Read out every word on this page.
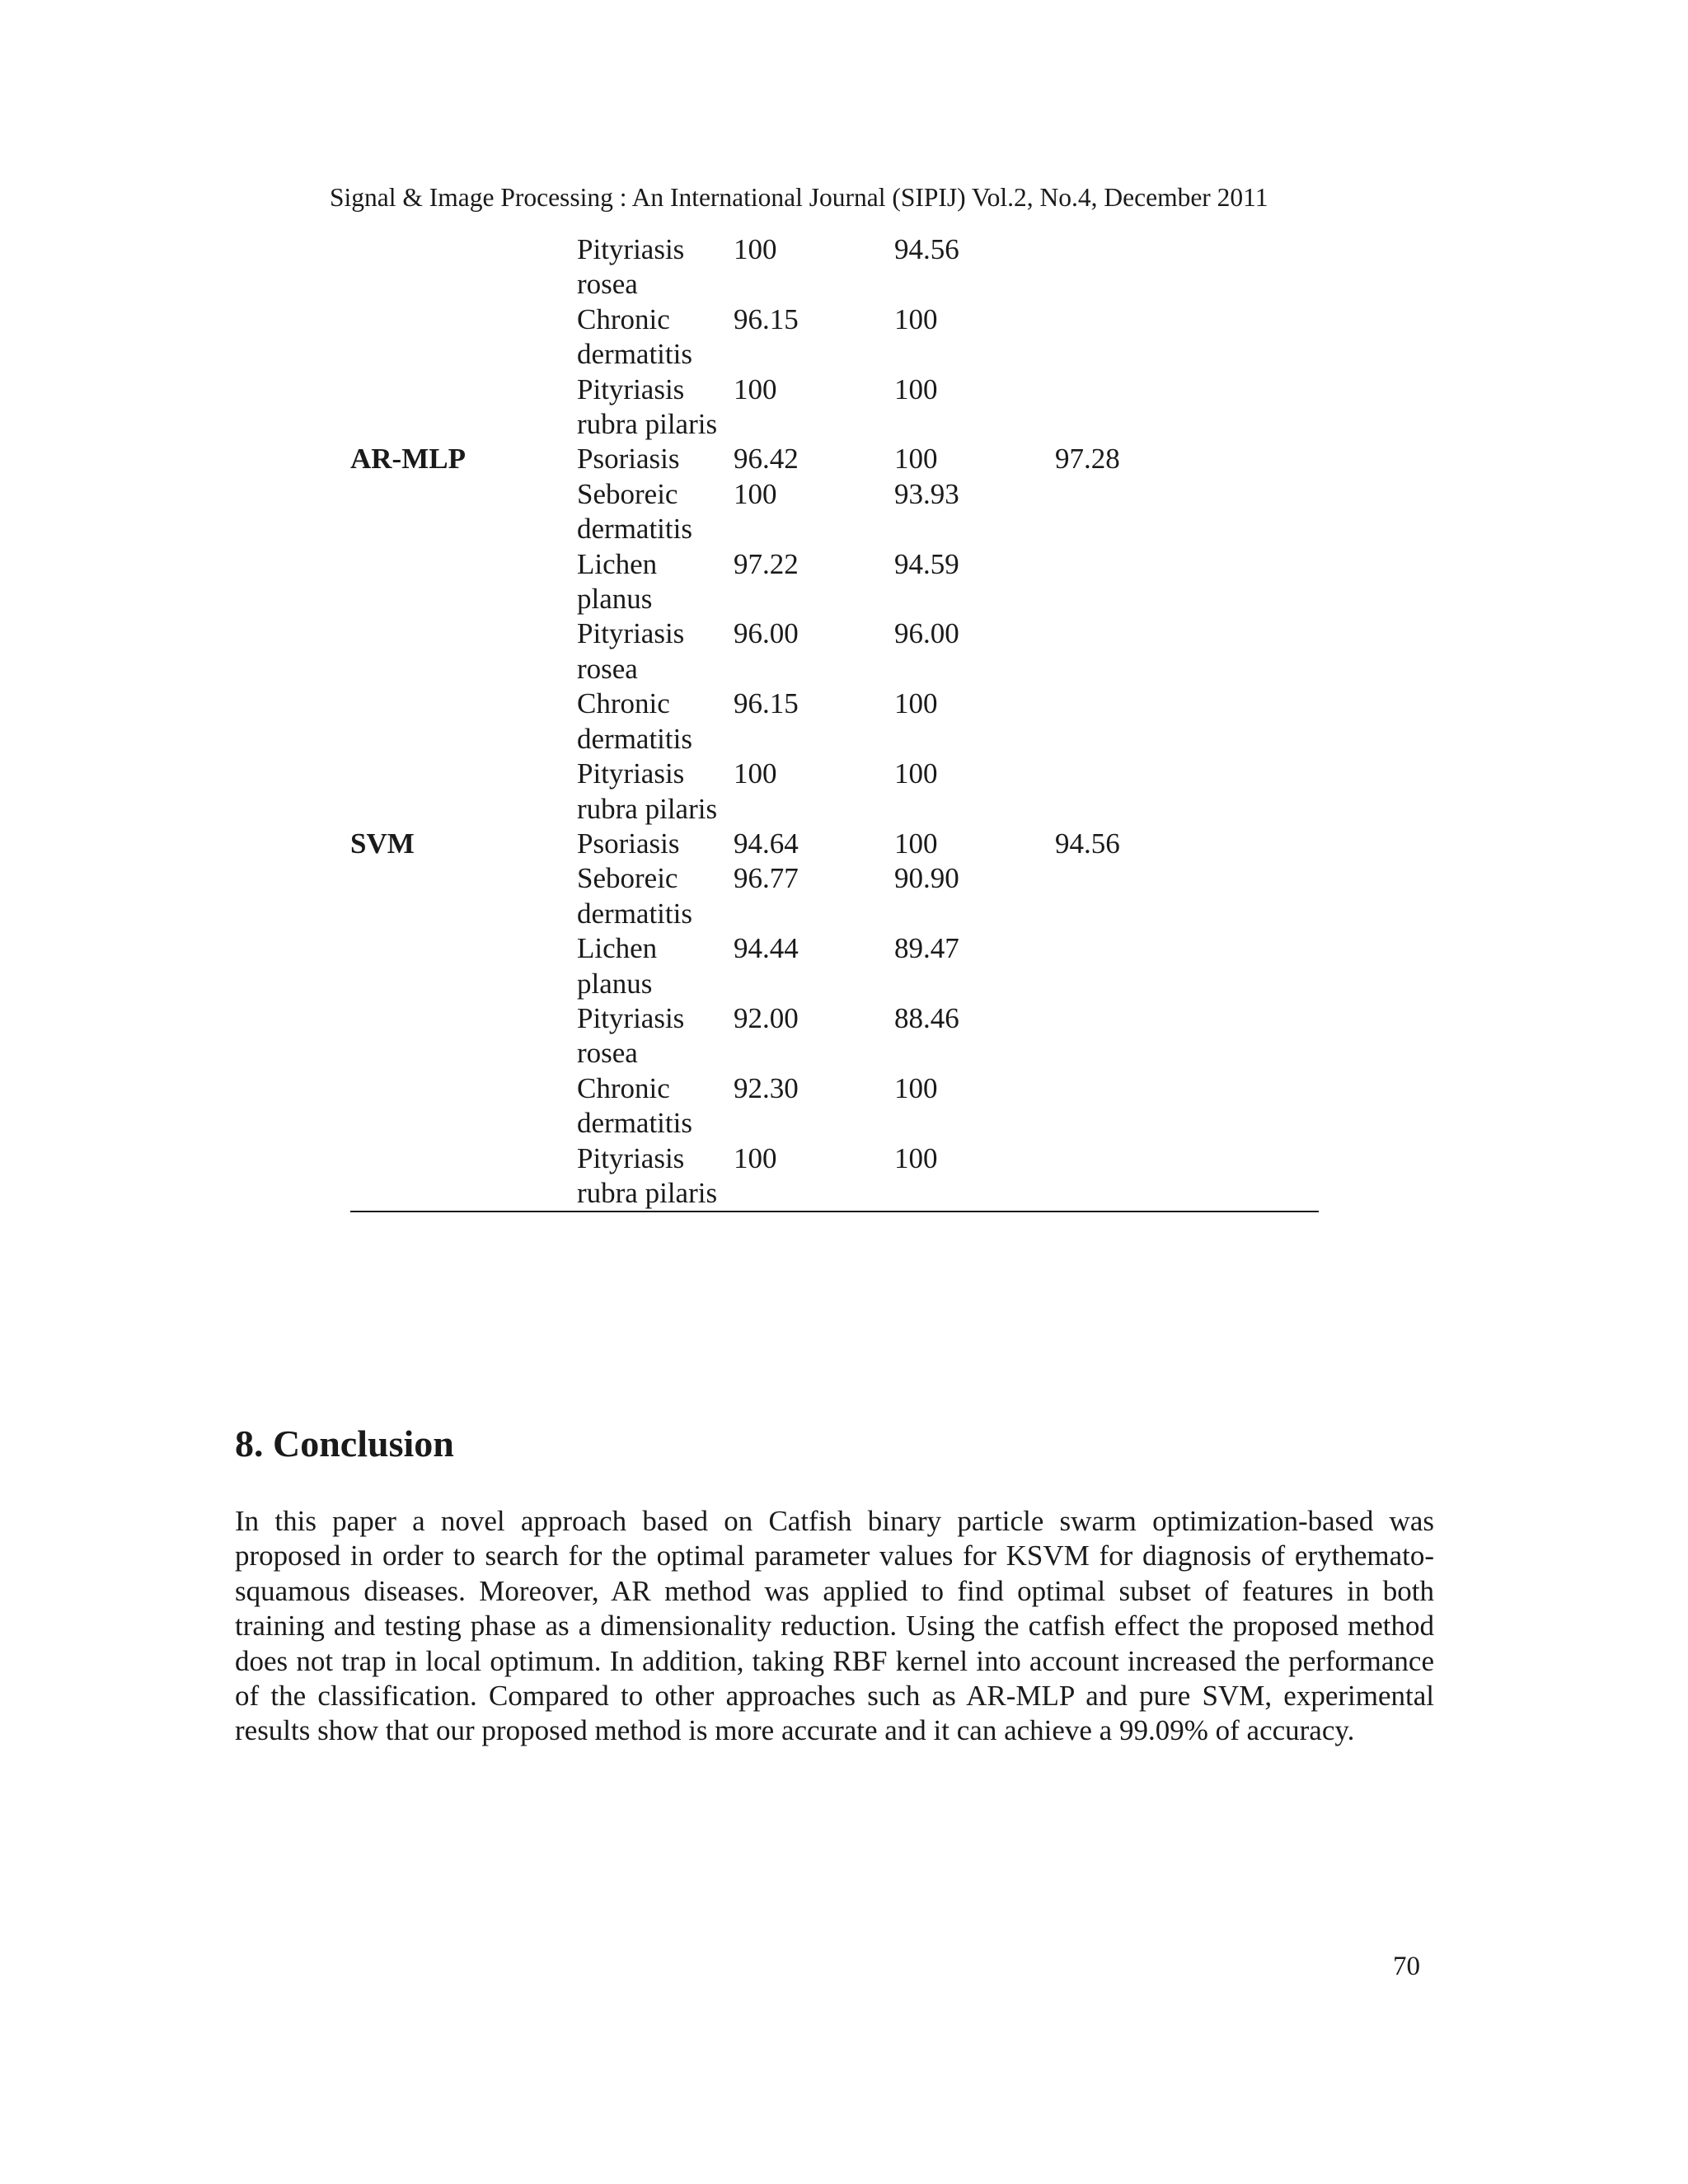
Signal & Image Processing : An International Journal (SIPIJ) Vol.2, No.4, December 2011
	Pityriasis rosea	100	94.56	
	Chronic dermatitis	96.15	100	
	Pityriasis rubra pilaris	100	100	
AR-MLP	Psoriasis	96.42	100	97.28
	Seboreic dermatitis	100	93.93	
	Lichen planus	97.22	94.59	
	Pityriasis rosea	96.00	96.00	
	Chronic dermatitis	96.15	100	
	Pityriasis rubra pilaris	100	100	
SVM	Psoriasis	94.64	100	94.56
	Seboreic dermatitis	96.77	90.90	
	Lichen planus	94.44	89.47	
	Pityriasis rosea	92.00	88.46	
	Chronic dermatitis	92.30	100	
	Pityriasis rubra pilaris	100	100	
8. Conclusion

In this paper a novel approach based on Catfish binary particle swarm optimization-based was proposed in order to search for the optimal parameter values for KSVM for diagnosis of erythemato-squamous diseases. Moreover, AR method was applied to find optimal subset of features in both training and testing phase as a dimensionality reduction. Using the catfish effect the proposed method does not trap in local optimum. In addition, taking RBF kernel into account increased the performance of the classification. Compared to other approaches such as AR-MLP and pure SVM, experimental results show that our proposed method is more accurate and it can achieve a 99.09% of accuracy.

70
